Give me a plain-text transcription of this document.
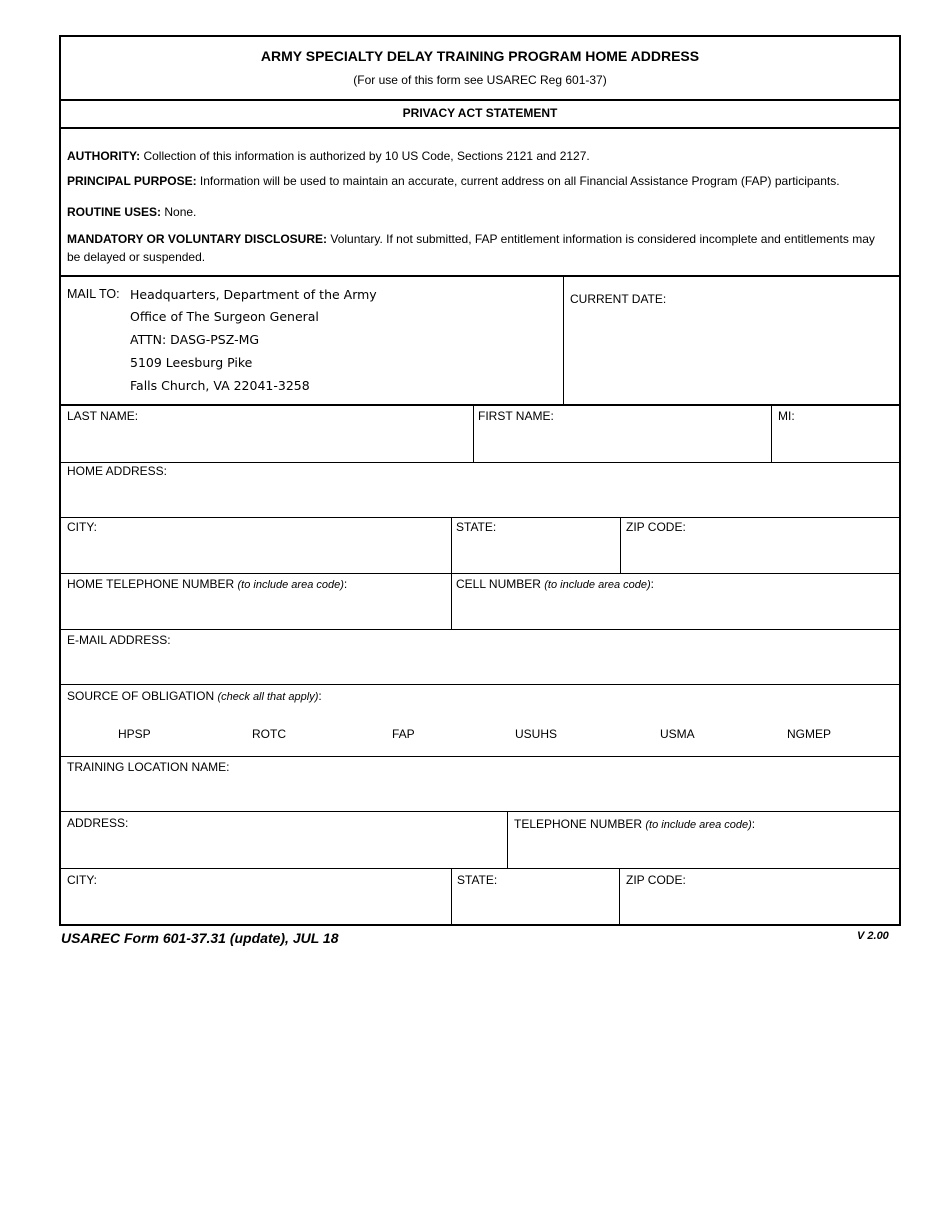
ARMY SPECIALTY DELAY TRAINING PROGRAM HOME ADDRESS
(For use of this form see USAREC Reg 601-37)
PRIVACY ACT STATEMENT
AUTHORITY: Collection of this information is authorized by 10 US Code, Sections 2121 and 2127.
PRINCIPAL PURPOSE: Information will be used to maintain an accurate, current address on all Financial Assistance Program (FAP) participants.
ROUTINE USES: None.
MANDATORY OR VOLUNTARY DISCLOSURE: Voluntary. If not submitted, FAP entitlement information is considered incomplete and entitlements may
be delayed or suspended.
MAIL TO: Headquarters, Department of the Army
Office of The Surgeon General
ATTN: DASG-PSZ-MG
5109 Leesburg Pike
Falls Church, VA 22041-3258
CURRENT DATE:
LAST NAME:	FIRST NAME:	MI:
HOME ADDRESS:
CITY:	STATE:	ZIP CODE:
HOME TELEPHONE NUMBER (to include area code):	CELL NUMBER (to include area code):
E-MAIL ADDRESS:
SOURCE OF OBLIGATION (check all that apply):
HPSP	ROTC	FAP	USUHS	USMA	NGMEP
TRAINING LOCATION NAME:
ADDRESS:	TELEPHONE NUMBER (to include area code):
CITY:	STATE:	ZIP CODE:
USAREC Form 601-37.31 (update), JUL 18	V 2.00
